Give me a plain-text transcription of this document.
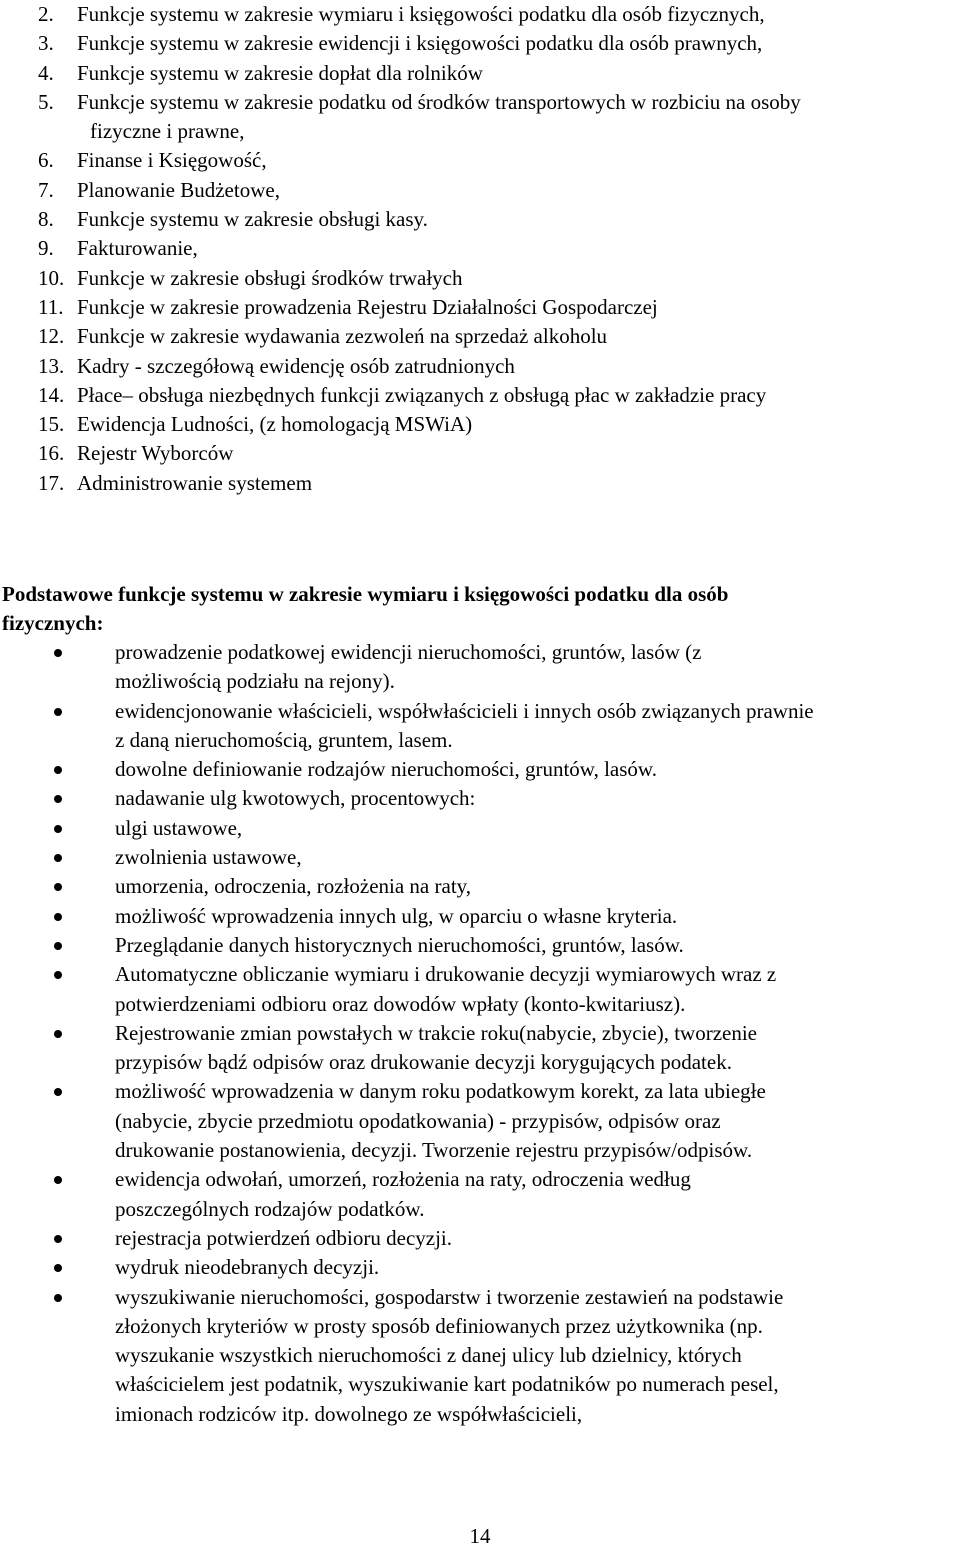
2.	Funkcje systemu w zakresie wymiaru i księgowości podatku dla osób fizycznych,
3.	Funkcje systemu w zakresie ewidencji i księgowości podatku dla osób prawnych,
4.	Funkcje systemu w zakresie dopłat dla rolników
5.	Funkcje systemu w zakresie podatku od środków transportowych w rozbiciu na osoby
fizyczne i prawne,
6.	Finanse i Księgowość,
7.	Planowanie Budżetowe,
8.	Funkcje systemu w zakresie obsługi kasy.
9.	Fakturowanie,
10. Funkcje w zakresie obsługi środków trwałych
11. Funkcje w zakresie prowadzenia Rejestru Działalności Gospodarczej
12. Funkcje w zakresie wydawania zezwoleń na sprzedaż alkoholu
13. Kadry - szczegółową ewidencję osób zatrudnionych
14. Płace– obsługa niezbędnych funkcji związanych z obsługą płac w zakładzie pracy
15. Ewidencja Ludności, (z homologacją MSWiA)
16. Rejestr Wyborców
17. Administrowanie systemem

Podstawowe funkcje systemu w zakresie wymiaru i księgowości podatku dla osób
fizycznych:

prowadzenie podatkowej ewidencji nieruchomości, gruntów, lasów (z
możliwością podziału na rejony).
ewidencjonowanie właścicieli, współwłaścicieli i innych osób związanych prawnie
z daną nieruchomością, gruntem, lasem.
dowolne definiowanie rodzajów nieruchomości, gruntów, lasów.
nadawanie ulg kwotowych, procentowych:
ulgi ustawowe,
zwolnienia ustawowe,
umorzenia, odroczenia, rozłożenia na raty,
możliwość wprowadzenia innych ulg, w oparciu o własne kryteria.
Przeglądanie danych historycznych nieruchomości, gruntów, lasów.
Automatyczne obliczanie wymiaru i drukowanie decyzji wymiarowych wraz z
potwierdzeniami odbioru oraz dowodów wpłaty (konto-kwitariusz).
Rejestrowanie zmian powstałych w trakcie roku(nabycie, zbycie), tworzenie
przypisów bądź odpisów oraz drukowanie decyzji korygujących podatek.
możliwość wprowadzenia w danym roku podatkowym korekt, za lata ubiegłe
(nabycie, zbycie przedmiotu opodatkowania) - przypisów, odpisów oraz
drukowanie postanowienia, decyzji. Tworzenie rejestru przypisów/odpisów.
ewidencja odwołań, umorzeń, rozłożenia na raty, odroczenia według
poszczególnych rodzajów podatków.
rejestracja potwierdzeń odbioru decyzji.
wydruk nieodebranych decyzji.
wyszukiwanie nieruchomości, gospodarstw i tworzenie zestawień na podstawie
złożonych kryteriów w prosty sposób definiowanych przez użytkownika (np.
wyszukanie wszystkich nieruchomości z danej ulicy lub dzielnicy, których
właścicielem jest podatnik, wyszukiwanie kart podatników po numerach pesel,
imionach rodziców itp. dowolnego ze współwłaścicieli,
14
